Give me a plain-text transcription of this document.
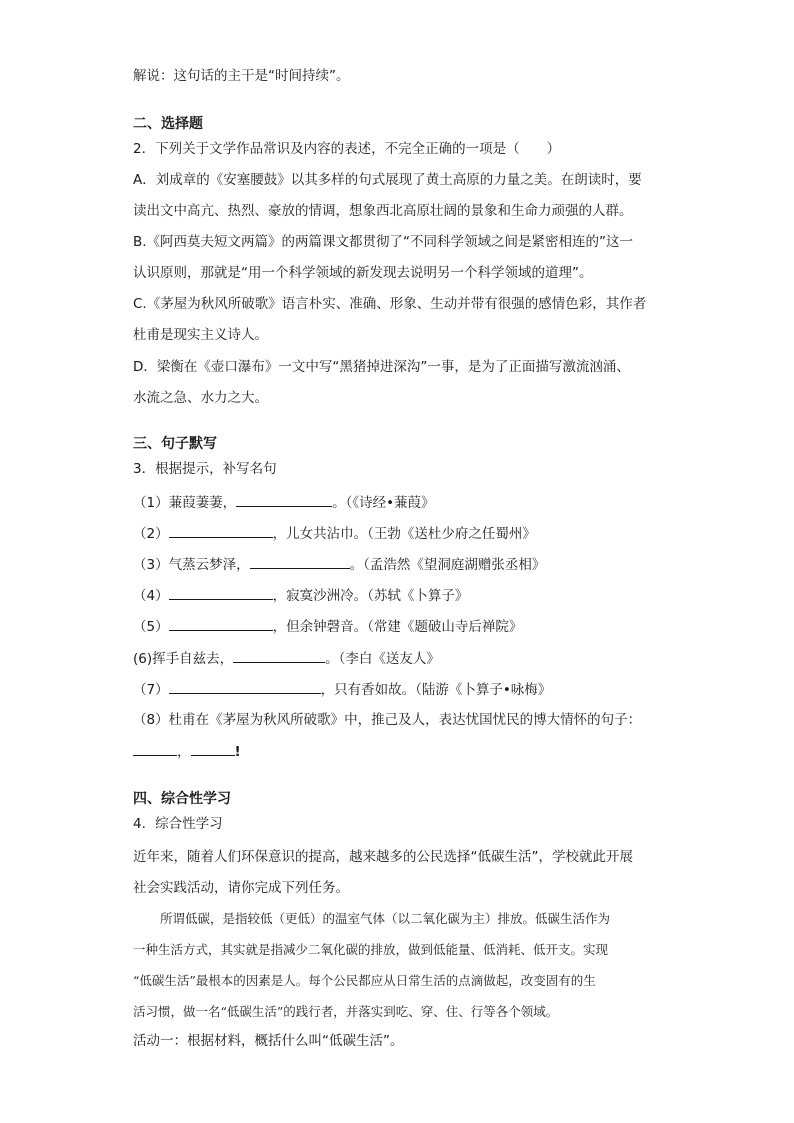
解说：这句话的主干是“时间持续”。
二、选择题
2．下列关于文学作品常识及内容的表述，不完全正确的一项是（　　）
A．刘成章的《安塞腰鼓》以其多样的句式展现了黄土高原的力量之美。在朗读时，要
读出文中高亢、热烈、豪放的情调，想象西北高原壮阔的景象和生命力顽强的人群。
B.《阿西莫夫短文两篇》的两篇课文都贯彻了“不同科学领域之间是紧密相连的”这一
认识原则，那就是“用一个科学领域的新发现去说明另一个科学领域的道理”。
C.《茅屋为秋风所破歌》语言朴实、准确、形象、生动并带有很强的感情色彩，其作者
杜甫是现实主义诗人。
D．梁衡在《壶口瀑布》一文中写“黑猪掉进深沟”一事，是为了正面描写激流汹涌、
水流之急、水力之大。
三、句子默写
3．根据提示，补写名句
（1）蒹葭萋萋，	。（《诗经•蒹葭》
（2）	，儿女共沾巾。（王勃《送杜少府之任蜀州》
（3）气蒸云梦泽，	。（孟浩然《望洞庭湖赠张丞相》
（4）	，寂寞沙洲冷。（苏轼《卜算子》
（5）	，但余钟磬音。（常建《题破山寺后禅院》
(6)挥手自兹去，	。（李白《送友人》
（7）	，只有香如故。（陆游《卜算子•咏梅》
（8）杜甫在《茅屋为秋风所破歌》中，推己及人，表达忧国忧民的博大情怀的句子：
，	!
四、综合性学习
4．综合性学习
近年来，随着人们环保意识的提高，越来越多的公民选择“低碳生活”，学校就此开展
社会实践活动，请你完成下列任务。
所谓低碳，是指较低（更低）的温室气体（以二氧化碳为主）排放。低碳生活作为
一种生活方式，其实就是指减少二氧化碳的排放，做到低能量、低消耗、低开支。实现
“低碳生活”最根本的因素是人。每个公民都应从日常生活的点滴做起，改变固有的生
活习惯，做一名“低碳生活”的践行者，并落实到吃、穿、住、行等各个领域。
活动一：根据材料，概括什么叫“低碳生活”。
